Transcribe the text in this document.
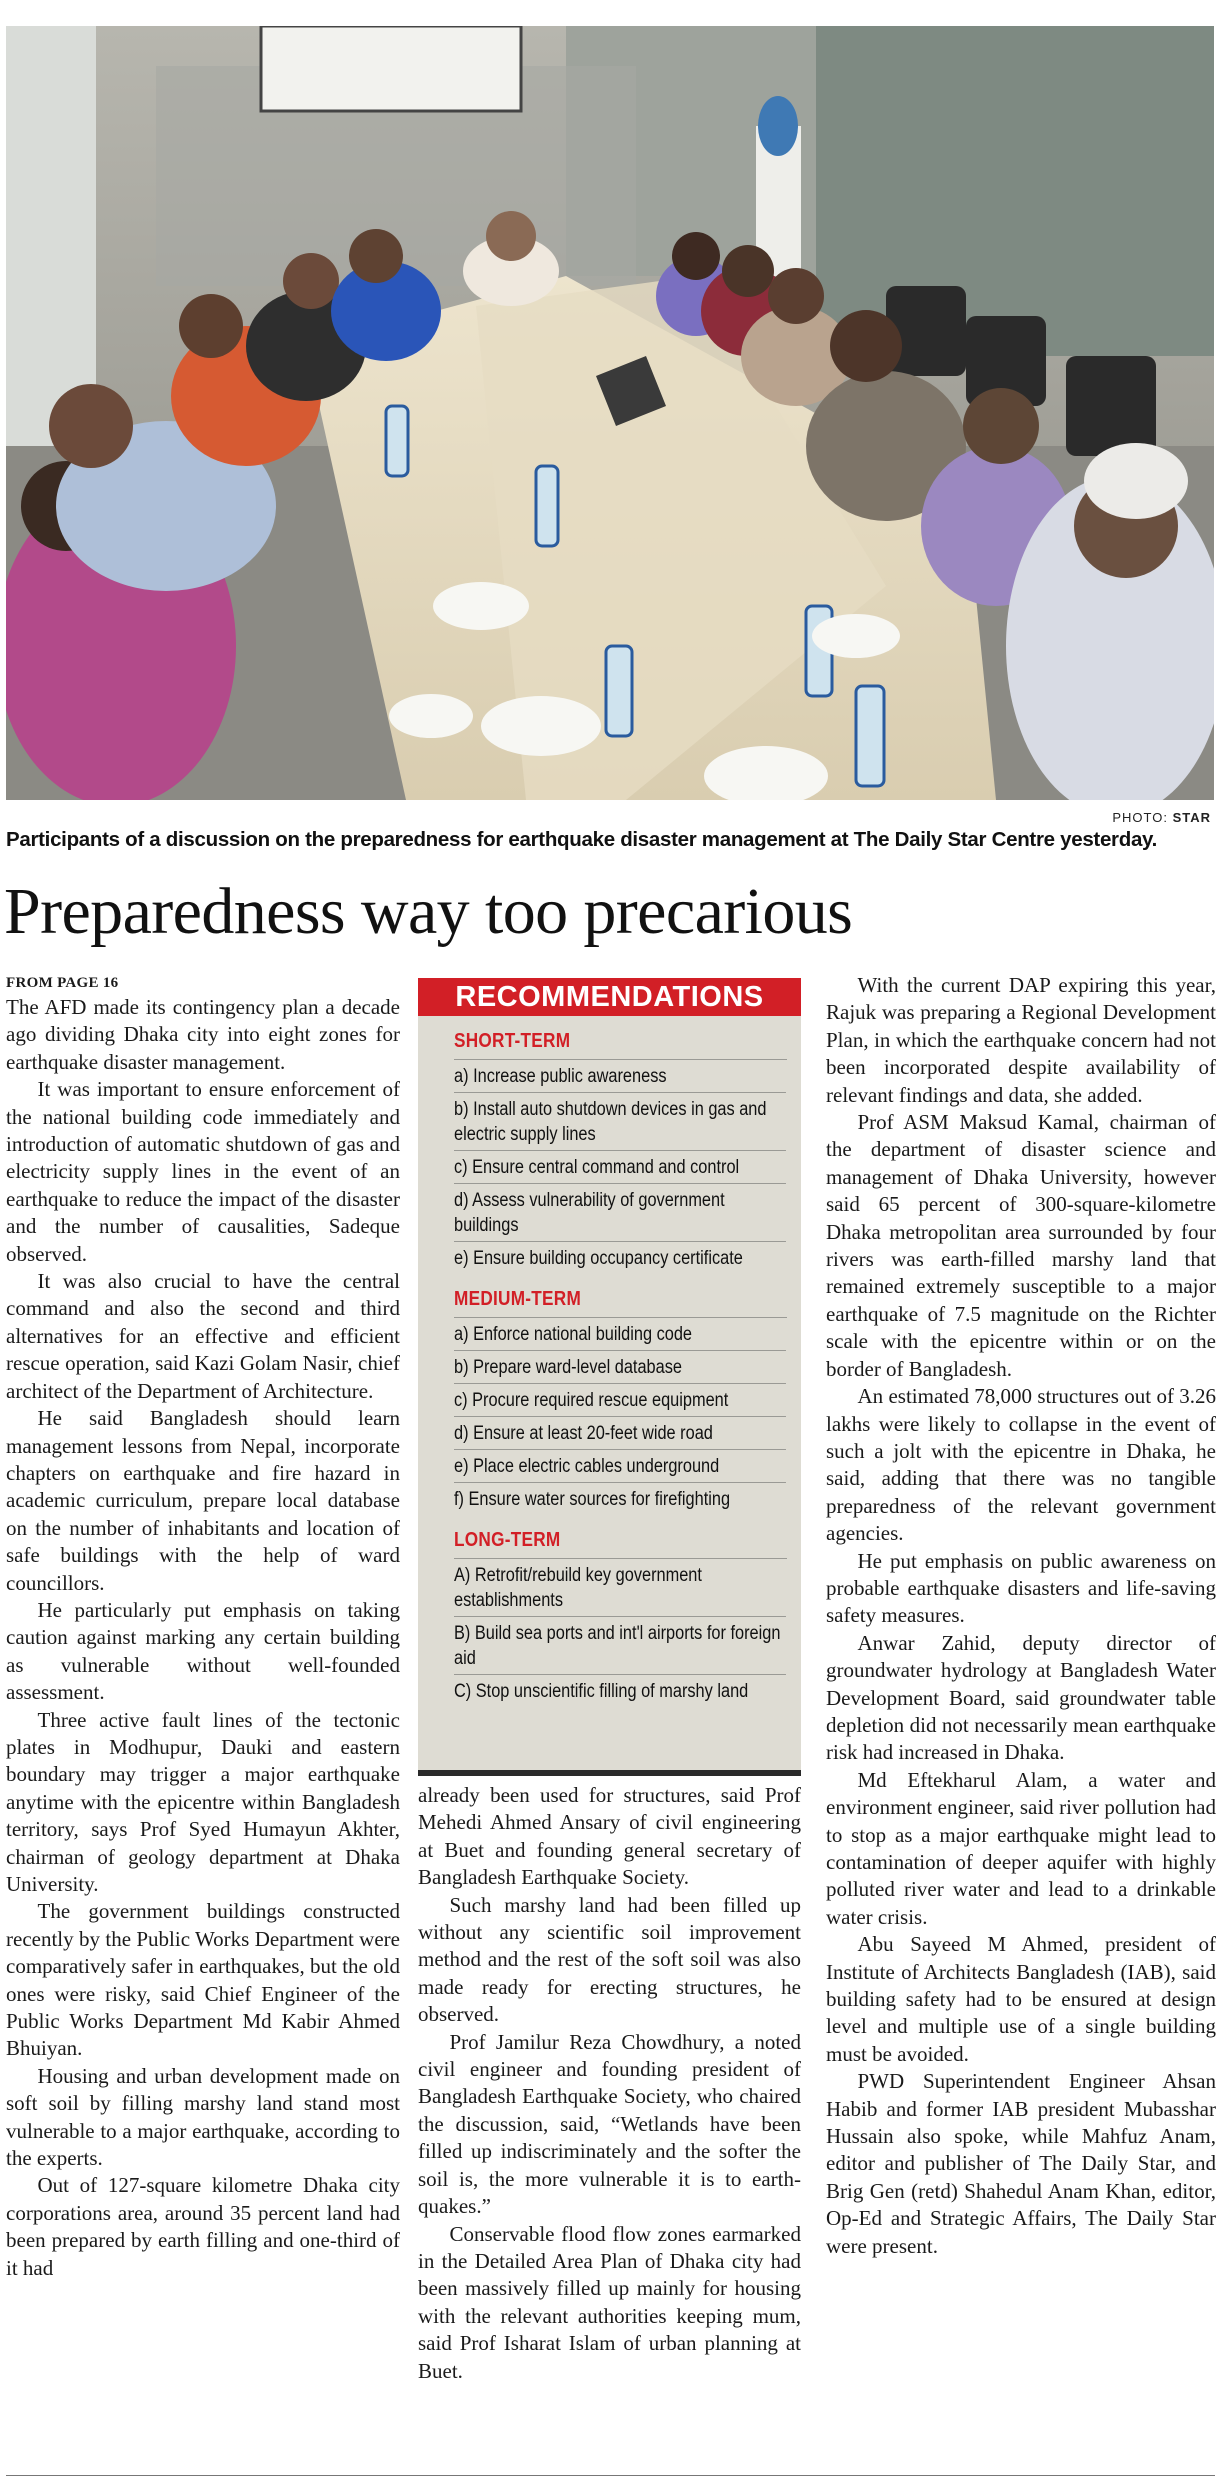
PHOTO: STAR
Participants of a discussion on the preparedness for earthquake disaster management at The Daily Star Centre yesterday.
Preparedness way too precarious
FROM PAGE 16

The AFD made its contingency plan a decade ago dividing Dhaka city into eight zones for earthquake disaster management.

It was important to ensure enforcement of the national building code immediately and introduction of automatic shutdown of gas and electricity supply lines in the event of an earthquake to reduce the impact of the disaster and the number of causalities, Sadeque observed.

It was also crucial to have the central command and also the second and third alternatives for an effective and efficient rescue operation, said Kazi Golam Nasir, chief architect of the Department of Architecture.

He said Bangladesh should learn management lessons from Nepal, incorporate chapters on earthquake and fire hazard in academic curriculum, prepare local database on the number of inhabitants and location of safe buildings with the help of ward councillors.

He particularly put emphasis on taking caution against marking any certain building as vulnerable without well-founded assessment.

Three active fault lines of the tectonic plates in Modhupur, Dauki and eastern boundary may trigger a major earthquake anytime with the epicentre within Bangladesh territory, says Prof Syed Humayun Akhter, chairman of geology department at Dhaka University.

The government buildings constructed recently by the Public Works Department were comparatively safer in earthquakes, but the old ones were risky, said Chief Engineer of the Public Works Department Md Kabir Ahmed Bhuiyan.

Housing and urban development made on soft soil by filling marshy land stand most vulnerable to a major earthquake, according to the experts.

Out of 127-square kilometre Dhaka city corporations area, around 35 percent land had been prepared by earth filling and one-third of it had

RECOMMENDATIONS
SHORT-TERM
a) Increase public awareness
b) Install auto shutdown devices in gas and electric supply lines
c) Ensure central command and control
d) Assess vulnerability of government buildings
e) Ensure building occupancy certificate
MEDIUM-TERM
a) Enforce national building code
b) Prepare ward-level database
c) Procure required rescue equipment
d) Ensure at least 20-feet wide road
e) Place electric cables underground
f) Ensure water sources for firefighting
LONG-TERM
A) Retrofit/rebuild key government establishments
B) Build sea ports and int'l airports for foreign aid
C) Stop unscientific filling of marshy land

already been used for structures, said Prof Mehedi Ahmed Ansary of civil engineering at Buet and founding general secretary of Bangladesh Earthquake Society.

Such marshy land had been filled up without any scientific soil improvement method and the rest of the soft soil was also made ready for erecting structures, he observed.

Prof Jamilur Reza Chowdhury, a noted civil engineer and founding president of Bangladesh Earthquake Society, who chaired the discussion, said, “Wetlands have been filled up indiscriminately and the softer the soil is, the more vulnerable it is to earthquakes.”

Conservable flood flow zones earmarked in the Detailed Area Plan of Dhaka city had been massively filled up mainly for housing with the relevant authorities keeping mum, said Prof Isharat Islam of urban planning at Buet.

With the current DAP expiring this year, Rajuk was preparing a Regional Development Plan, in which the earthquake concern had not been incorporated despite availability of relevant findings and data, she added.

Prof ASM Maksud Kamal, chairman of the department of disaster science and management of Dhaka University, however said 65 percent of 300-square-kilometre Dhaka metropolitan area surrounded by four rivers was earth-filled marshy land that remained extremely susceptible to a major earthquake of 7.5 magnitude on the Richter scale with the epicentre within or on the border of Bangladesh.

An estimated 78,000 structures out of 3.26 lakhs were likely to collapse in the event of such a jolt with the epicentre in Dhaka, he said, adding that there was no tangible preparedness of the relevant government agencies.

He put emphasis on public awareness on probable earthquake disasters and life-saving safety measures.

Anwar Zahid, deputy director of groundwater hydrology at Bangladesh Water Development Board, said groundwater table depletion did not necessarily mean earthquake risk had increased in Dhaka.

Md Eftekharul Alam, a water and environment engineer, said river pollution had to stop as a major earthquake might lead to contamination of deeper aquifer with highly polluted river water and lead to a drinkable water crisis.

Abu Sayeed M Ahmed, president of Institute of Architects Bangladesh (IAB), said building safety had to be ensured at design level and multiple use of a single building must be avoided.

PWD Superintendent Engineer Ahsan Habib and former IAB president Mubasshar Hussain also spoke, while Mahfuz Anam, editor and publisher of The Daily Star, and Brig Gen (retd) Shahedul Anam Khan, editor, Op-Ed and Strategic Affairs, The Daily Star were present.
